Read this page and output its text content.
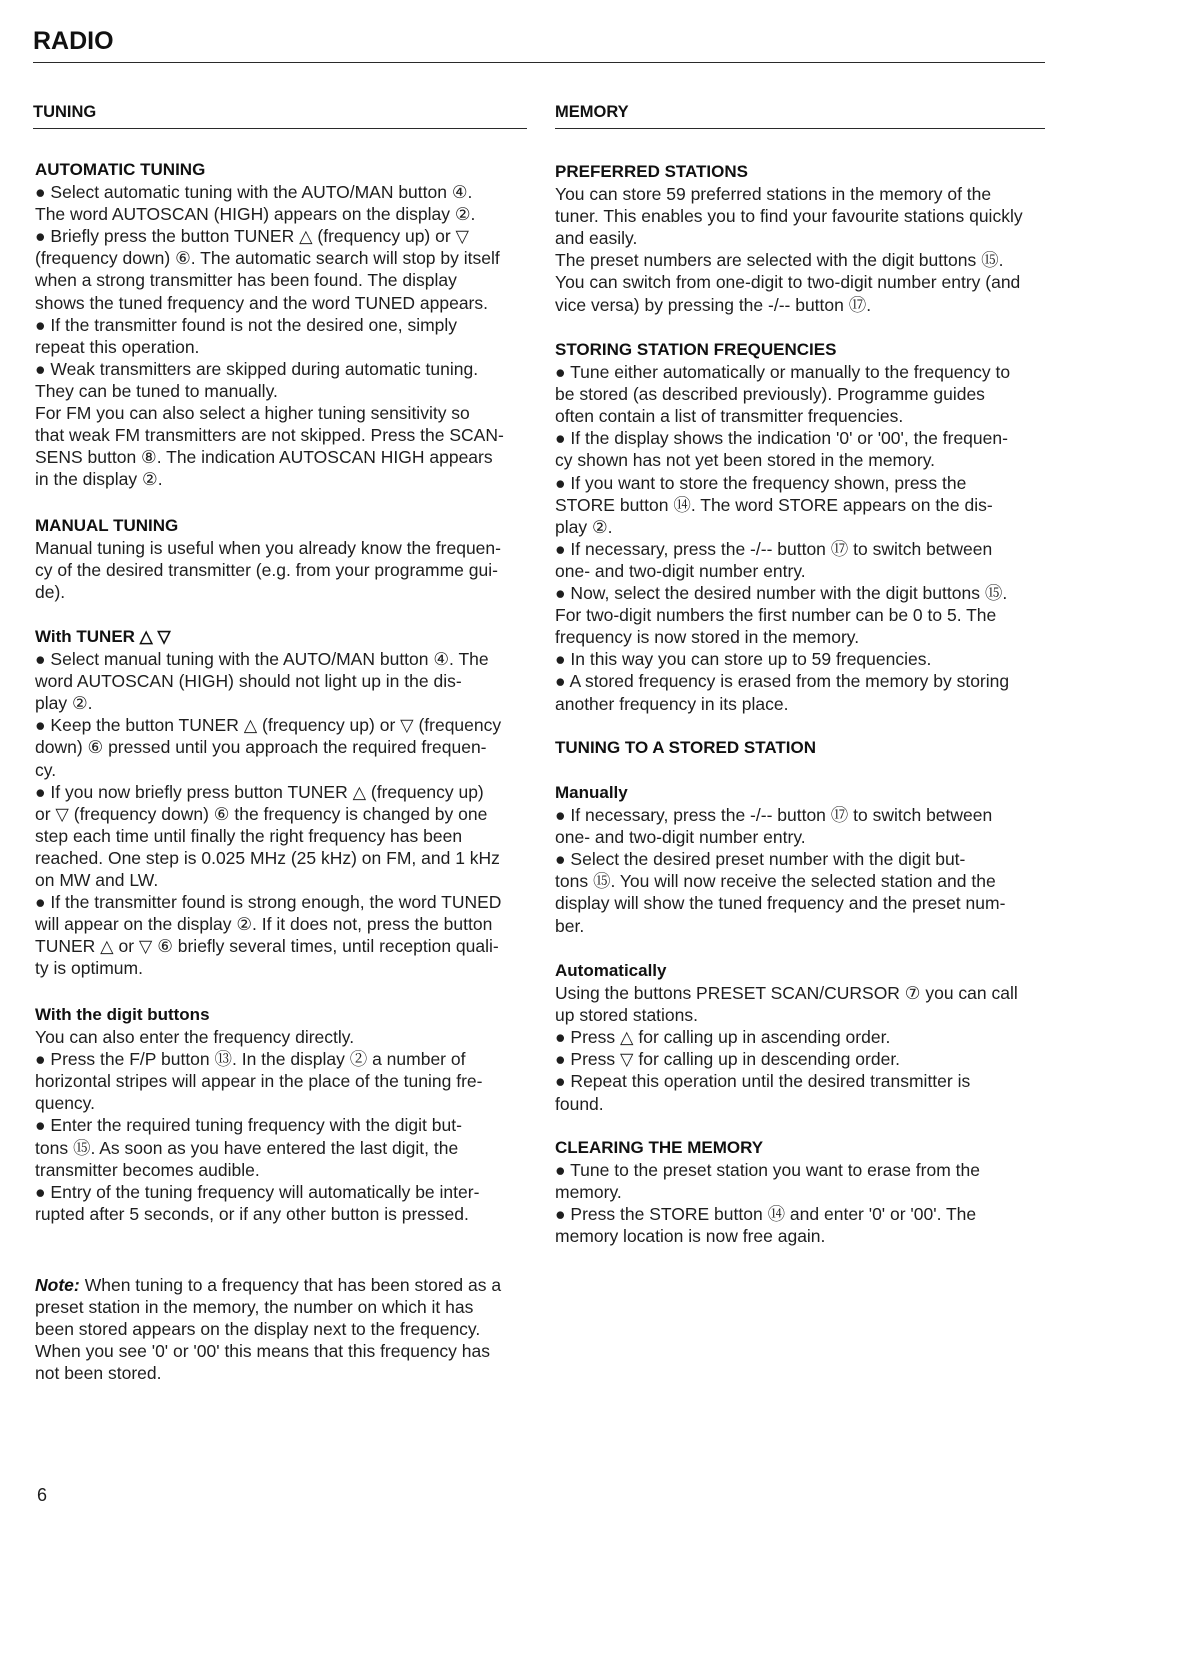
RADIO
TUNING	MEMORY
AUTOMATIC TUNING
● Select automatic tuning with the AUTO/MAN button ④.
The word AUTOSCAN (HIGH) appears on the display ②.
● Briefly press the button TUNER △ (frequency up) or ▽
(frequency down) ⑥. The automatic search will stop by itself
when a strong transmitter has been found. The display
shows the tuned frequency and the word TUNED appears.
● If the transmitter found is not the desired one, simply
repeat this operation.
● Weak transmitters are skipped during automatic tuning.
They can be tuned to manually.
For FM you can also select a higher tuning sensitivity so
that weak FM transmitters are not skipped. Press the SCAN-
SENS button ⑧. The indication AUTOSCAN HIGH appears
in the display ②.
MANUAL TUNING
Manual tuning is useful when you already know the frequen-
cy of the desired transmitter (e.g. from your programme gui-
de).
With TUNER △ ▽
● Select manual tuning with the AUTO/MAN button ④. The
word AUTOSCAN (HIGH) should not light up in the dis-
play ②.
● Keep the button TUNER △ (frequency up) or ▽ (frequency
down) ⑥ pressed until you approach the required frequen-
cy.
● If you now briefly press button TUNER △ (frequency up)
or ▽ (frequency down) ⑥ the frequency is changed by one
step each time until finally the right frequency has been
reached. One step is 0.025 MHz (25 kHz) on FM, and 1 kHz
on MW and LW.
● If the transmitter found is strong enough, the word TUNED
will appear on the display ②. If it does not, press the button
TUNER △ or ▽ ⑥ briefly several times, until reception quali-
ty is optimum.
With the digit buttons
You can also enter the frequency directly.
● Press the F/P button ⑬. In the display ② a number of
horizontal stripes will appear in the place of the tuning fre-
quency.
● Enter the required tuning frequency with the digit but-
tons ⑮. As soon as you have entered the last digit, the
transmitter becomes audible.
● Entry of the tuning frequency will automatically be inter-
rupted after 5 seconds, or if any other button is pressed.
Note: When tuning to a frequency that has been stored as a
preset station in the memory, the number on which it has
been stored appears on the display next to the frequency.
When you see '0' or '00' this means that this frequency has
not been stored.
6
PREFERRED STATIONS
You can store 59 preferred stations in the memory of the
tuner. This enables you to find your favourite stations quickly
and easily.
The preset numbers are selected with the digit buttons ⑮.
You can switch from one-digit to two-digit number entry (and
vice versa) by pressing the -/-- button ⑰.
STORING STATION FREQUENCIES
● Tune either automatically or manually to the frequency to
be stored (as described previously). Programme guides
often contain a list of transmitter frequencies.
● If the display shows the indication '0' or '00', the frequen-
cy shown has not yet been stored in the memory.
● If you want to store the frequency shown, press the
STORE button ⑭. The word STORE appears on the dis-
play ②.
● If necessary, press the -/-- button ⑰ to switch between
one- and two-digit number entry.
● Now, select the desired number with the digit buttons ⑮.
For two-digit numbers the first number can be 0 to 5. The
frequency is now stored in the memory.
● In this way you can store up to 59 frequencies.
● A stored frequency is erased from the memory by storing
another frequency in its place.
TUNING TO A STORED STATION
Manually
● If necessary, press the -/-- button ⑰ to switch between
one- and two-digit number entry.
● Select the desired preset number with the digit but-
tons ⑮. You will now receive the selected station and the
display will show the tuned frequency and the preset num-
ber.
Automatically
Using the buttons PRESET SCAN/CURSOR ⑦ you can call
up stored stations.
● Press △ for calling up in ascending order.
● Press ▽ for calling up in descending order.
● Repeat this operation until the desired transmitter is
found.
CLEARING THE MEMORY
● Tune to the preset station you want to erase from the
memory.
● Press the STORE button ⑭ and enter '0' or '00'. The
memory location is now free again.
